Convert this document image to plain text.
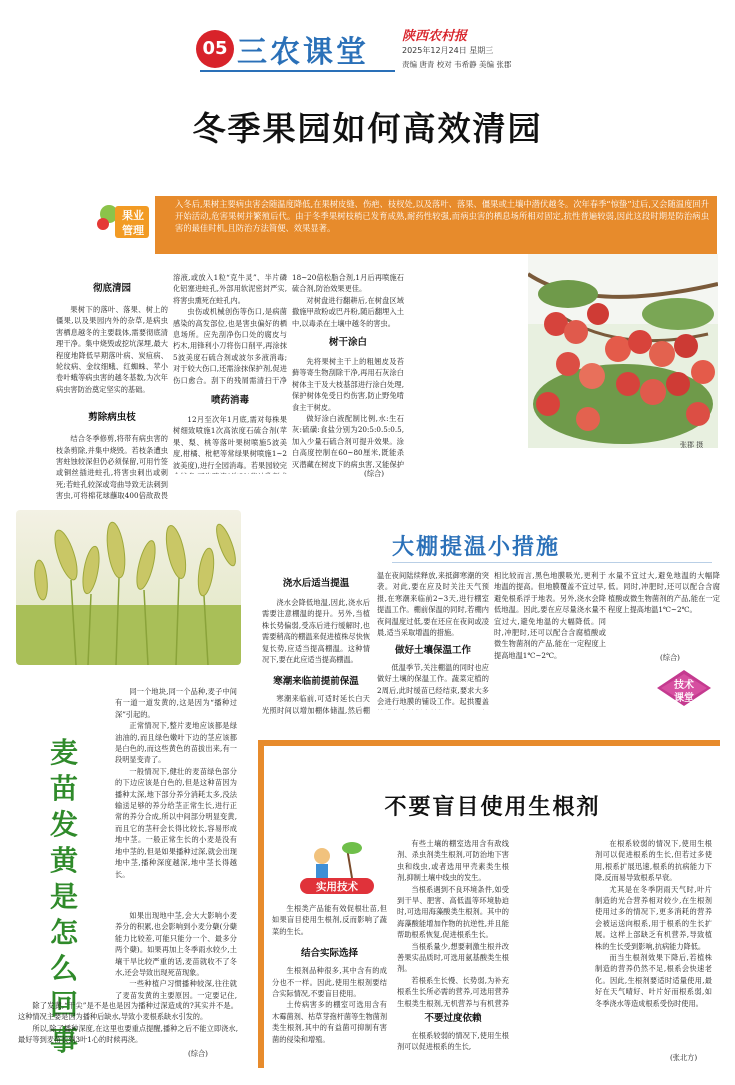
05 三农课堂	陕西农村报
2025年12月24日 星期三
责编 唐青 校对 韦希静 美编 张郡
冬季果园如何高效清园
果业
管理
入冬后,果树主要病虫害会随温度降低,在果树皮缝、伤疤、枝杈处,以及落叶、落果、僵果或土壤中潜伏越冬。次年春季“惊蛰”过后,又会随温度回升开始活动,危害果树并繁殖后代。由于冬季果树枝梢已发育成熟,耐药性较强,而病虫害的栖息场所相对固定,抗性普遍较弱,因此这段时期是防治病虫害的最佳时机,且防治方法简便、效果显著。
张郡 摄
彻底清园

果树下的落叶、落果、树上的僵果,以及果园内外的杂草,是病虫害栖息越冬的主要载体,需要彻底清理干净。集中烧毁或挖坑深埋,最大程度地降低早期落叶病、炭疽病、轮纹病、金纹细蛾、红蜘蛛、苹小卷叶蛾等病虫害的越冬基数,为次年病虫害防治奠定坚实的基础。

剪除病虫枝

结合冬季修剪,将带有病虫害的枝条剪除,并集中烧毁。若枝条遭虫害蛀蚀较深但仍必须保留,可用竹签或铜丝插进蛀孔,将害虫刺出或刺死;若蛀孔较深或弯曲导致无法刺到害虫,可将棉花球蘸取400倍敌敌畏

溶液,或放入1粒“克牛灵”、半片磷化铝塞进蛀孔,外部用软泥密封严实,将害虫熏死在蛀孔内。

虫伤或机械创伤等伤口,是病菌感染的高发部位,也是害虫偏好的栖息场所。应先刮净伤口处的腐皮与朽木,用锋利小刀将伤口削平,再涂抹5波美度石硫合剂或波尔多液消毒;对于较大伤口,还需涂抹保护剂,促进伤口愈合。刮下的残屑需清扫干净

喷药消毒

12月至次年1月底,需对每株果树细致喷施1次高浓度石硫合剂(苹果、梨、桃等落叶果树喷施5波美度,柑橘、枇杷等常绿果树喷施1~2波美度),进行全园消毒。若果园较完

18~20倍松脂合剂,1月后再喷施石硫合剂,防治效果更佳。

对树盘进行翻耕后,在树盘区域撒施甲敌粉或巴丹粉,随后翻埋入土中,以毒杀在土壤中越冬的害虫。

树干涂白

先将果树主干上的粗翘皮及苔藓等寄生物刮除干净,再用石灰涂白树体主干及大枝基部进行涂白处理,保护树体免受日灼伤害,防止野兔啃食主干树皮。

做好涂白液配制比例,水:生石灰:硫磺:食盐分别为20:5:0.5:0.5,加入少量石硫合剂可提升效果。涂白高度控制在60~80厘米,既能杀灭潜藏在树皮下的病虫害,又能保护

(综合)
大棚提温小措施
浇水后适当提温

浇水会降低地温,因此,浇水后需要注意棚温的提升。另外,当植株长势偏弱,受冻后进行缓解时,也需要稍高的棚温来促进植株尽快恢复长势,应适当提高棚温。这种情况下,要在此应适当提高棚温。

寒潮来临前提前保温

寒潮来临前,可适时延长白天光照时间以增加棚体储温,然后棚

温在夜间陆续释放,来抵御寒潮的突袭。对此,要在应及时关注天气预报,在寒潮来临前2~3天,进行棚室提温工作。棚前保温的同时,若棚内夜间温度过低,要在还应在夜间或凌晨,适当采取增温的措施。

做好土壤保温工作

低温季节,关注棚温的同时也应做好土壤的保温工作。蔬菜定植的2周后,此时缓苗已经结束,要求大多会进行地膜的铺设工作。起拱覆盖

相比较而言,黑色地膜吸光,更利于地温的提高。但地膜覆盖不宜过早,避免根系浮于地表。另外,浇水会降低地温。因此,要在应尽量浇水量不宜过大,避免地温的大幅降低。同时,冲肥时,还可以配合含腐植酸或微生物菌剂的产品,能在一定程度上提高地温1℃~2℃。

水量不宜过大,避免地温的大幅降低。同时,冲肥时,还可以配合含腐植酸或微生物菌剂的产品,能在一定程度上提高地温1℃~2℃。

(综合)
技术
课堂
麦苗发黄是怎么回事

同一个地块,同一个品种,麦子中间有一道一道发黄的,这是因为“播种过深”引起的。

正常情况下,整片麦地应该都是绿油油的,而且绿色嫩叶下边的茎应该都是白色的,而这些黄色的苗拔出来,有一段明显变青了。

一般情况下,健壮的麦苗绿色部分的下边应该是白色的,但是这种苗因为播种太深,地下部分养分消耗太多,没法输送足够的养分给茎正常生长,进行正常的养分合成,所以中间部分明显变黄,而且它的茎秆会长得比较长,容易形成地中茎。一般正常生长的小麦是没有地中茎的,但是如果播种过深,就会出现地中茎,播种深度越深,地中茎长得越长。

如果出现地中茎,会大大影响小麦养分的积累,也会影响到小麦分蘖(分蘖能力比较差,可能只能分一个、最多分两个蘖)。如果再加上冬季雨水较少,土壤干旱比较严重的话,麦苗就收不了冬水,还会导致出现死苗现象。

一些种植户习惯播种较深,往往就了麦苗发黄的主要原因。一定要记住,

除了发黄,“干尖”是不是也是因为播种过深造成的?其实并不是。这种情况主要是因为播种后缺水,导致小麦根系缺水引发的。

所以,除了播种深度,在这里也要重点提醒,播种之后不能立即浇水,最好等到麦苗长到3叶1心的时候再浇。

(综合)
不要盲目使用生根剂
实用技术

生根类产品能有效促根壮苗,但如果盲目使用生根剂,反而影响了蔬菜的生长。

结合实际选择

生根剂品种很多,其中含有的成分也不一样。因此,使用生根剂要结合实际情况,不要盲目使用。

土传病害多的棚室可选用含有木霉菌剂、枯草芽孢杆菌等生物菌剂类生根剂,其中的有益菌可抑制有害菌的侵染和增殖。

有些土壤的棚室选用含有敌线剂、杀虫剂类生根剂,可防治地下害虫和线虫,或者选用甲壳素类生根剂,抑制土壤中线虫的发生。

当根系遇到不良环境条件,如受到干旱、肥害、高低温等环境胁迫时,可选用海藻酸类生根剂。其中的海藻酸能增加作物的抗逆性,并且能帮助根系恢复,促进根系生长。

当根系量少,想要刺激生根并改善果实品质时,可选用氨基酸类生根剂。

若根系生长慢、长势弱,为补充根系生长所必需的营养,可选用营养生根类生根剂,无机营养与有机营养

不要过度依赖

在根系较弱的情况下,使用生根剂可以促进根系的生长,

在根系较弱的情况下,使用生根剂可以促进根系的生长,但若过多使用,根系扩展迅速,根系的抗病能力下降,反而易导致根系早衰。

尤其是在冬季阴雨天气时,叶片制造的光合营养相对较少,在生根剂使用过多的情况下,更多消耗的营养会被运送向根系,用于根系的生长扩展。这样上部缺乏有机营养,导致植株的生长受到影响,抗病能力降低。

而当生根剂效果下降后,若植株制造的营养仍然不足,根系会快速老化。因此,生根剂要适时适量使用,最好在天气晴好、叶片好而根系弱,如冬季浇水等造成根系受伤时使用。

(张北方)
